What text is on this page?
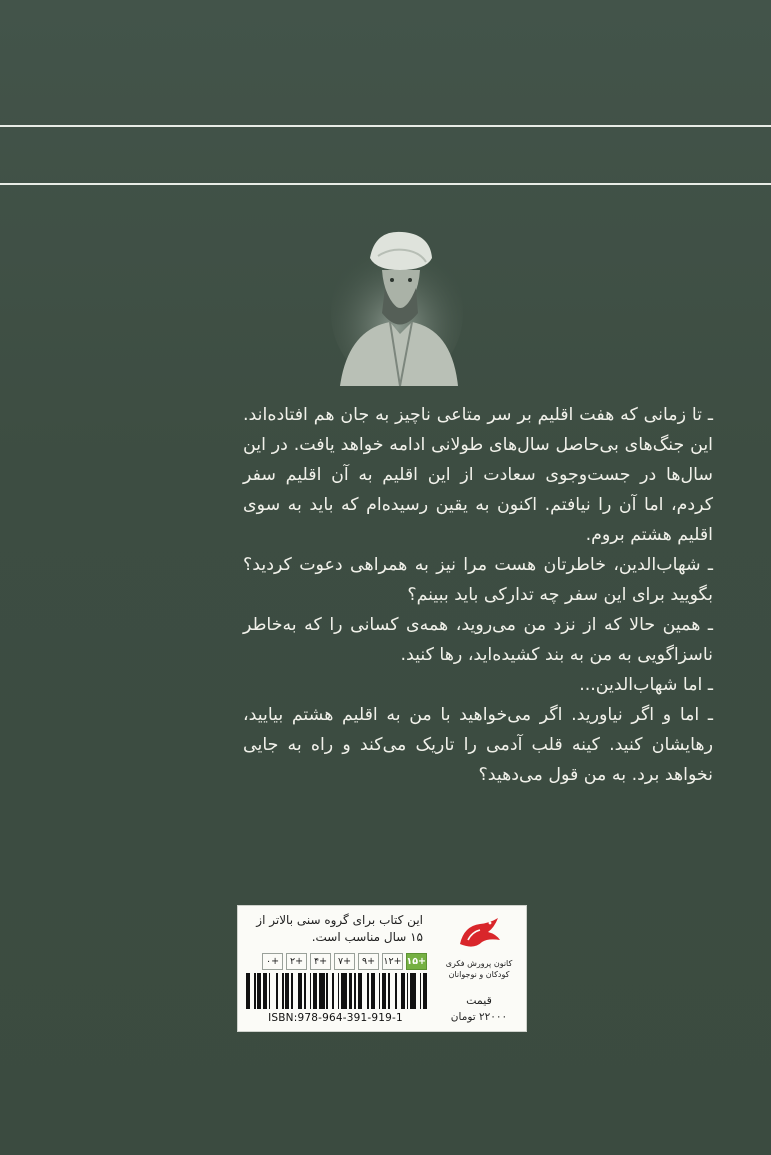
ـ تا زمانی که هفت اقلیم بر سر متاعی ناچیز به جان هم افتاده‌اند. این جنگ‌های بی‌حاصل سال‌های طولانی ادامه خواهد یافت. در این سال‌ها در جست‌وجوی سعادت از این اقلیم به آن اقلیم سفر کردم، اما آن را نیافتم. اکنون به یقین رسیده‌ام که باید به سوی اقلیم هشتم بروم.

ـ شهاب‌الدین، خاطرتان هست مرا نیز به همراهی دعوت کردید؟ بگویید برای این سفر چه تدارکی باید ببینم؟

ـ همین حالا که از نزد من می‌روید، همه‌ی کسانی را که به‌خاطر ناسزاگویی به من به بند کشیده‌اید، رها کنید.

ـ اما شهاب‌الدین...

ـ اما و اگر نیاورید. اگر می‌خواهید با من به اقلیم هشتم بیایید، رهایشان کنید. کینه قلب آدمی را تاریک می‌کند و راه به جایی نخواهد برد. به من قول می‌دهید؟

این کتاب برای گروه سنی بالاتر از ۱۵ سال مناسب است.
+۱۵
+۱۲
+۹
+۷
+۴
+۲
+۰
ISBN:978-964-391-919-1
کانون پرورش فکری کودکان و نوجوانان
قیمت
۲۲۰۰۰ تومان
